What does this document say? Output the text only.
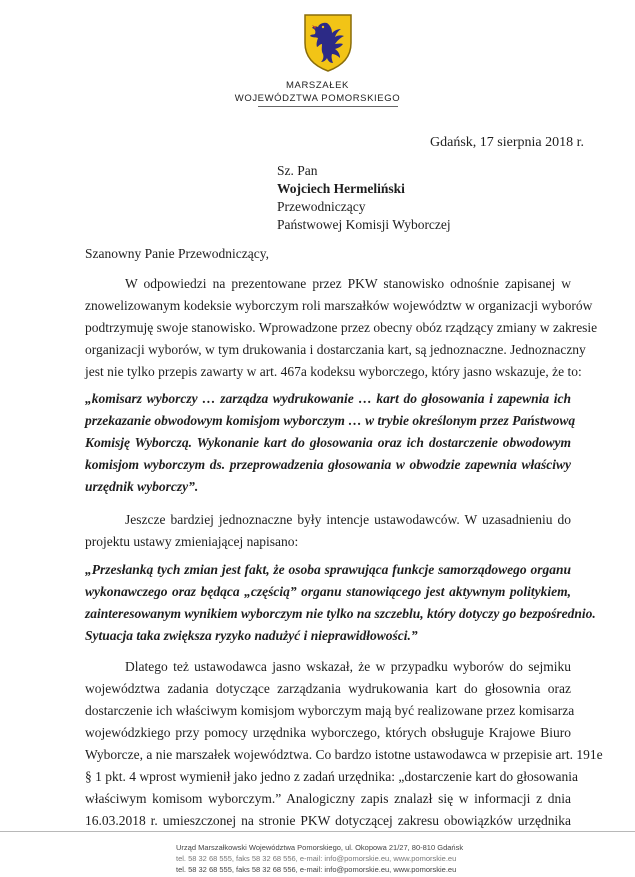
MARSZAŁEK
WOJEWÓDZTWA POMORSKIEGO
Gdańsk, 17 sierpnia 2018 r.
Sz. Pan
Wojciech Hermeliński
Przewodniczący
Państwowej Komisji Wyborczej
Szanowny Panie Przewodniczący,
W odpowiedzi na prezentowane przez PKW stanowisko odnośnie zapisanej w
znowelizowanym kodeksie wyborczym roli marszałków województw w organizacji wyborów
podtrzymuję swoje stanowisko. Wprowadzone przez obecny obóz rządzący zmiany w zakresie
organizacji wyborów, w tym drukowania i dostarczania kart, są jednoznaczne. Jednoznaczny
jest nie tylko przepis zawarty w art. 467a kodeksu wyborczego, który jasno wskazuje, że to:
„komisarz wyborczy … zarządza wydrukowanie … kart do głosowania i zapewnia ich
przekazanie obwodowym komisjom wyborczym … w trybie określonym przez Państwową
Komisję Wyborczą. Wykonanie kart do głosowania oraz ich dostarczenie obwodowym
komisjom wyborczym ds. przeprowadzenia głosowania w obwodzie zapewnia właściwy
urzędnik wyborczy”.
Jeszcze bardziej jednoznaczne były intencje ustawodawców. W uzasadnieniu do
projektu ustawy zmieniającej napisano:
„Przesłanką tych zmian jest fakt, że osoba sprawująca funkcje samorządowego organu
wykonawczego oraz będąca „częścią” organu stanowiącego jest aktywnym politykiem,
zainteresowanym wynikiem wyborczym nie tylko na szczeblu, który dotyczy go bezpośrednio.
Sytuacja taka zwiększa ryzyko nadużyć i nieprawidłowości.”
Dlatego też ustawodawca jasno wskazał, że w przypadku wyborów do sejmiku
województwa zadania dotyczące zarządzania wydrukowania kart do głosownia oraz
dostarczenie ich właściwym komisjom wyborczym mają być realizowane przez komisarza
wojewódzkiego przy pomocy urzędnika wyborczego, których obsługuje Krajowe Biuro
Wyborcze, a nie marszałek województwa. Co bardzo istotne ustawodawca w przepisie art. 191e
§ 1 pkt. 4 wprost wymienił jako jedno z zadań urzędnika: „dostarczenie kart do głosowania
właściwym komisom wyborczym.” Analogiczny zapis znalazł się w informacji z dnia
16.03.2018 r. umieszczonej na stronie PKW dotyczącej zakresu obowiązków urzędnika
Urząd Marszałkowski Województwa Pomorskiego, ul. Okopowa 21/27, 80-810 Gdańsk
tel. 58 32 68 555, faks 58 32 68 556, e-mail: info@pomorskie.eu, www.pomorskie.eu
tel. 58 32 68 555, faks 58 32 68 556, e-mail: info@pomorskie.eu, www.pomorskie.eu
